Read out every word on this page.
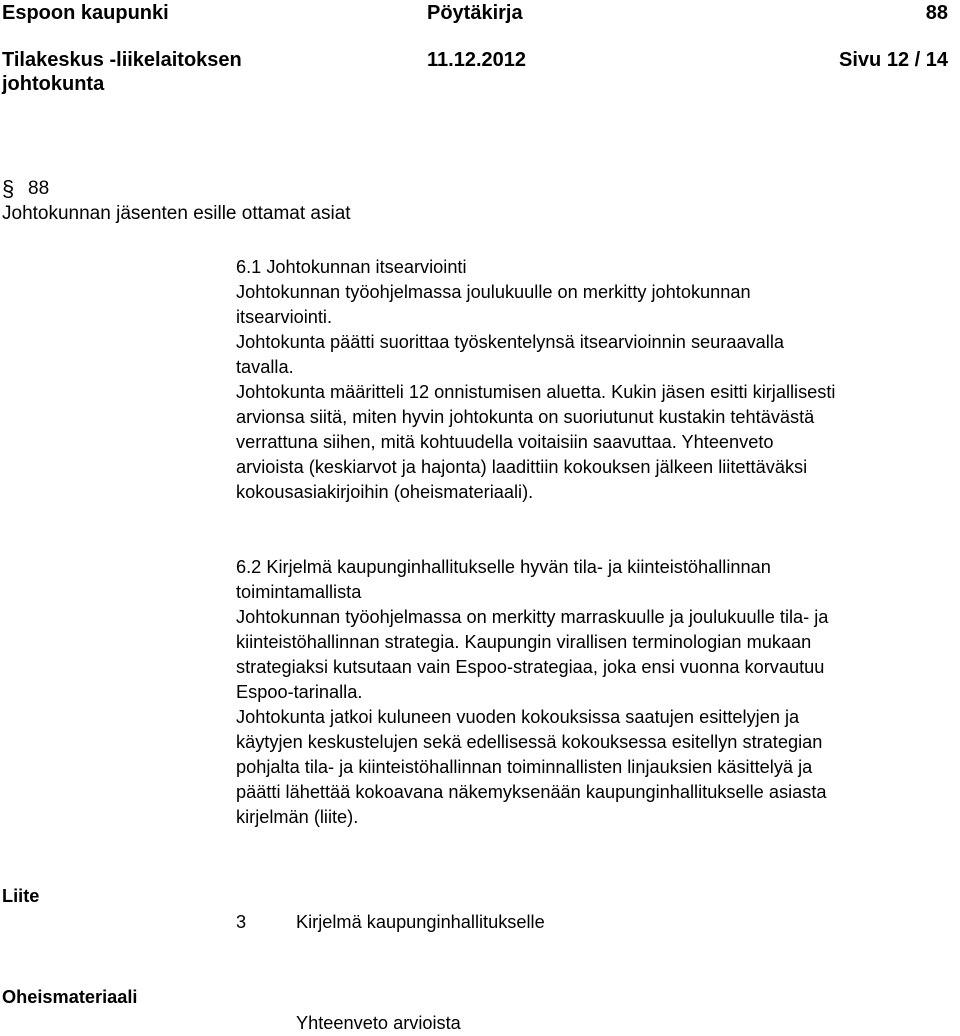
Espoon kaupunki	Pöytäkirja	88
Tilakeskus -liikelaitoksen
johtokunta
11.12.2012	Sivu 12 / 14
§ 88
Johtokunnan jäsenten esille ottamat asiat
6.1 Johtokunnan itsearviointi
Johtokunnan työohjelmassa joulukuulle on merkitty johtokunnan
itsearviointi.
Johtokunta päätti suorittaa työskentelynsä itsearvioinnin seuraavalla
tavalla.
Johtokunta määritteli 12 onnistumisen aluetta. Kukin jäsen esitti kirjallisesti
arvionsa siitä, miten hyvin johtokunta on suoriutunut kustakin tehtävästä
verrattuna siihen, mitä kohtuudella voitaisiin saavuttaa. Yhteenveto
arvioista (keskiarvot ja hajonta) laadittiin kokouksen jälkeen liitettäväksi
kokousasiakirjoihin (oheismateriaali).
6.2 Kirjelmä kaupunginhallitukselle hyvän tila- ja kiinteistöhallinnan
toimintamallista
Johtokunnan työohjelmassa on merkitty marraskuulle ja joulukuulle tila- ja
kiinteistöhallinnan strategia. Kaupungin virallisen terminologian mukaan
strategiaksi kutsutaan vain Espoo-strategiaa, joka ensi vuonna korvautuu
Espoo-tarinalla.
Johtokunta jatkoi kuluneen vuoden kokouksissa saatujen esittelyjen ja
käytyjen keskustelujen sekä edellisessä kokouksessa esitellyn strategian
pohjalta tila- ja kiinteistöhallinnan toiminnallisten linjauksien käsittelyä ja
päätti lähettää kokoavana näkemyksenään kaupunginhallitukselle asiasta
kirjelmän (liite).
Liite
3	Kirjelmä kaupunginhallitukselle
Oheismateriaali
Yhteenveto arvioista
